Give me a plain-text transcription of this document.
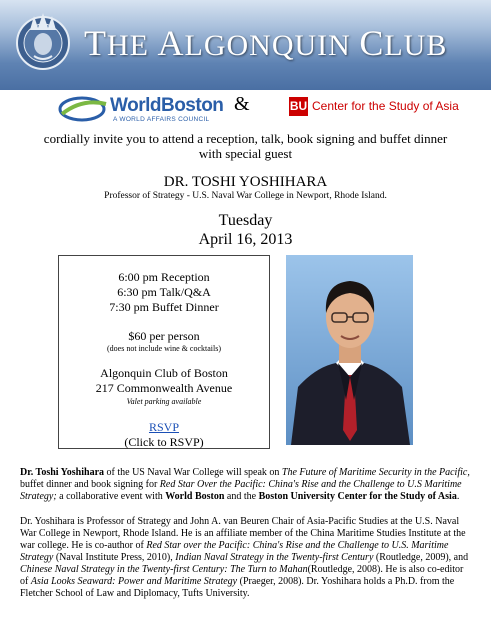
THE ALGONQUIN CLUB
WorldBoston
A WORLD AFFAIRS COUNCIL
&	BU Center for the Study of Asia
cordially invite you to attend a reception, talk, book signing and buffet dinner
with special guest
DR. TOSHI YOSHIHARA
Professor of Strategy - U.S. Naval War College in Newport, Rhode Island.
Tuesday
April 16, 2013
6:00 pm Reception
6:30 pm Talk/Q&A
7:30 pm Buffet Dinner
$60 per person
(does not include wine & cocktails)
Algonquin Club of Boston
217 Commonwealth Avenue
Valet parking available
RSVP
(Click to RSVP)

Dr. Toshi Yoshihara of the US Naval War College will speak on The Future of Maritime Security in the Pacific, buffet dinner and book signing for Red Star Over the Pacific: China's Rise and the Challenge to U.S Maritime Strategy; a collaborative event with World Boston and the Boston University Center for the Study of Asia.

Dr. Yoshihara is Professor of Strategy and John A. van Beuren Chair of Asia-Pacific Studies at the U.S. Naval War College in Newport, Rhode Island. He is an affiliate member of the China Maritime Studies Institute at the war college. He is co-author of Red Star over the Pacific: China's Rise and the Challenge to U.S. Maritime Strategy (Naval Institute Press, 2010), Indian Naval Strategy in the Twenty-first Century (Routledge, 2009), and Chinese Naval Strategy in the Twenty-first Century: The Turn to Mahan(Routledge, 2008). He is also co-editor of Asia Looks Seaward: Power and Maritime Strategy (Praeger, 2008). Dr. Yoshihara holds a Ph.D. from the Fletcher School of Law and Diplomacy, Tufts University.
